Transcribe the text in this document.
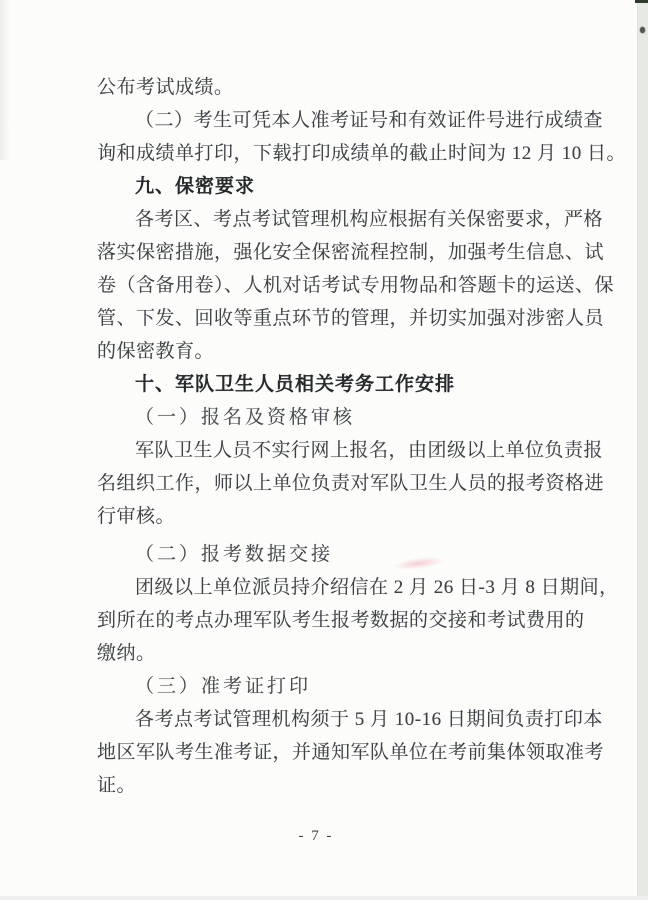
公布考试成绩。
（二）考生可凭本人准考证号和有效证件号进行成绩查
询和成绩单打印，下载打印成绩单的截止时间为 12 月 10 日。
九、保密要求
各考区、考点考试管理机构应根据有关保密要求，严格
落实保密措施，强化安全保密流程控制，加强考生信息、试
卷（含备用卷）、人机对话考试专用物品和答题卡的运送、保
管、下发、回收等重点环节的管理，并切实加强对涉密人员
的保密教育。
十、军队卫生人员相关考务工作安排
（一）报名及资格审核
军队卫生人员不实行网上报名，由团级以上单位负责报
名组织工作，师以上单位负责对军队卫生人员的报考资格进
行审核。
（二）报考数据交接
团级以上单位派员持介绍信在 2 月 26 日-3 月 8 日期间，
到所在的考点办理军队考生报考数据的交接和考试费用的
缴纳。
（三）准考证打印
各考点考试管理机构须于 5 月 10-16 日期间负责打印本
地区军队考生准考证，并通知军队单位在考前集体领取准考
证。
- 7 -
